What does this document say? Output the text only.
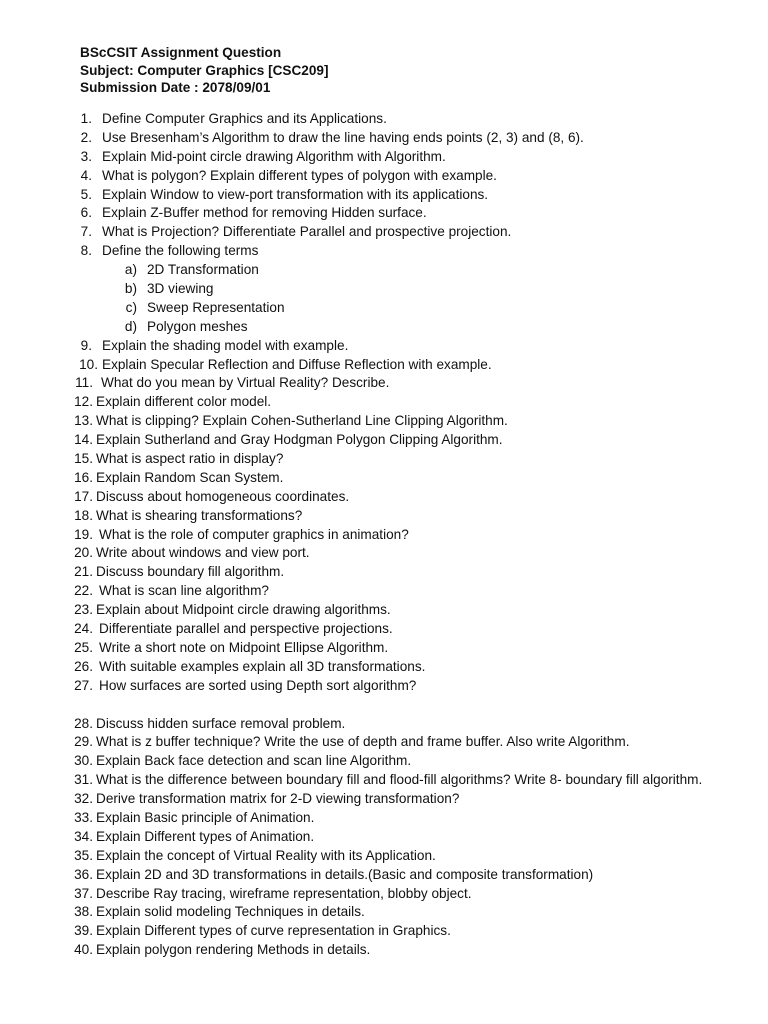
BScCSIT Assignment Question
Subject: Computer Graphics [CSC209]
Submission Date : 2078/09/01
1. Define Computer Graphics and its Applications.
2. Use Bresenham’s Algorithm to draw the line having ends points (2, 3) and (8, 6).
3. Explain Mid-point circle drawing Algorithm with Algorithm.
4. What is polygon? Explain different types of polygon with example.
5. Explain Window to view-port transformation with its applications.
6. Explain Z-Buffer method for removing Hidden surface.
7. What is Projection? Differentiate Parallel and prospective projection.
8. Define the following terms
a) 2D Transformation
b) 3D viewing
c) Sweep Representation
d) Polygon meshes
9. Explain the shading model with example.
10. Explain Specular Reflection and Diffuse Reflection with example.
11. What do you mean by Virtual Reality? Describe.
12. Explain different color model.
13. What is clipping? Explain Cohen-Sutherland Line Clipping Algorithm.
14. Explain Sutherland and Gray Hodgman Polygon Clipping Algorithm.
15. What is aspect ratio in display?
16. Explain Random Scan System.
17. Discuss about homogeneous coordinates.
18. What is shearing transformations?
19. What is the role of computer graphics in animation?
20. Write about windows and view port.
21. Discuss boundary fill algorithm.
22. What is scan line algorithm?
23. Explain about Midpoint circle drawing algorithms.
24. Differentiate parallel and perspective projections.
25. Write a short note on Midpoint Ellipse Algorithm.
26. With suitable examples explain all 3D transformations.
27. How surfaces are sorted using Depth sort algorithm?
28. Discuss hidden surface removal problem.
29. What is z buffer technique? Write the use of depth and frame buffer. Also write Algorithm.
30. Explain Back face detection and scan line Algorithm.
31. What is the difference between boundary fill and flood-fill algorithms? Write 8- boundary fill algorithm.
32. Derive transformation matrix for 2-D viewing transformation?
33. Explain Basic principle of Animation.
34. Explain Different types of Animation.
35. Explain the concept of Virtual Reality with its Application.
36. Explain 2D and 3D transformations in details.(Basic and composite transformation)
37. Describe Ray tracing, wireframe representation, blobby object.
38. Explain solid modeling Techniques in details.
39. Explain Different types of curve representation in Graphics.
40. Explain polygon rendering Methods in details.
